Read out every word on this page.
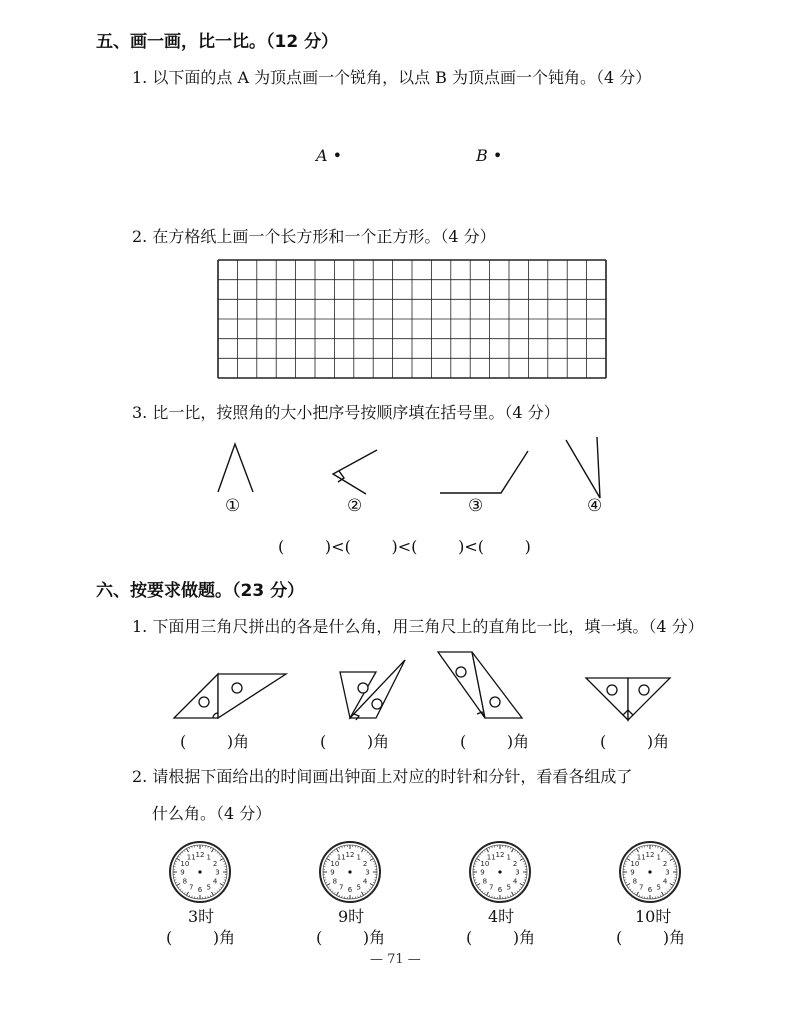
五、画一画，比一比。（12 分）
1. 以下面的点 A 为顶点画一个锐角，以点 B 为顶点画一个钝角。（4 分）
A •	B •
2. 在方格纸上画一个长方形和一个正方形。（4 分）
3. 比一比，按照角的大小把序号按顺序填在括号里。（4 分）
①	②	③	④
(        )<(        )<(        )<(        )
六、按要求做题。（23 分）
1. 下面用三角尺拼出的各是什么角，用三角尺上的直角比一比，填一填。（4 分）
(        )角	(        )角	(        )角	(        )角
2. 请根据下面给出的时间画出钟面上对应的时针和分针，看看各组成了
什么角。（4 分）
12 1
2
3
4
5
6
7
8
9
10
11	12 1
2
3
4
5
6
7
8
9
10
11	12 1
2
3
4
5
6
7
8
9
10
11	12 1
2
3
4
5
6
7
8
9
10
11
3时	9时	4时	10时
(        )角	(        )角	(        )角	(        )角
— 71 —
